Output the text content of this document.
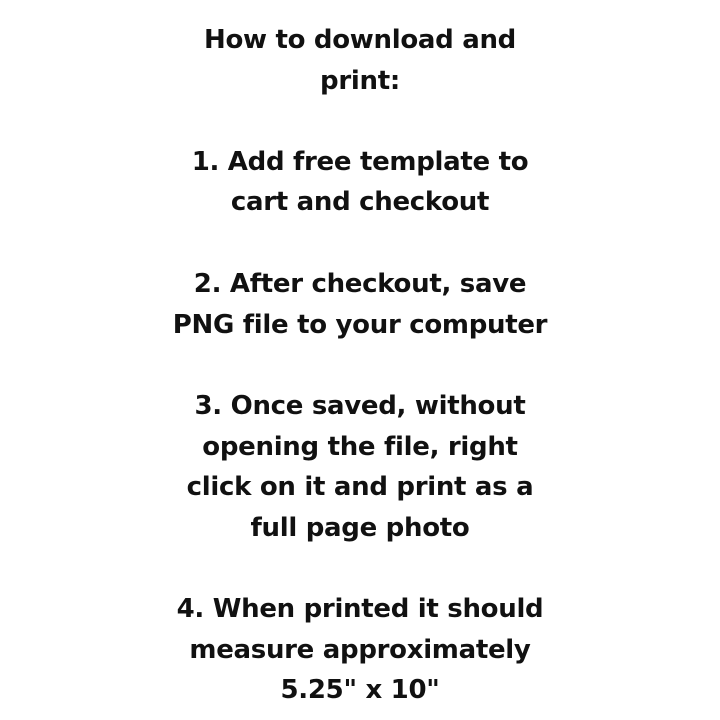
How to download and
print:
1. Add free template to
cart and checkout
2. After checkout, save
PNG file to your computer
3. Once saved, without
opening the file, right
click on it and print as a
full page photo
4. When printed it should
measure approximately
5.25" x 10"
